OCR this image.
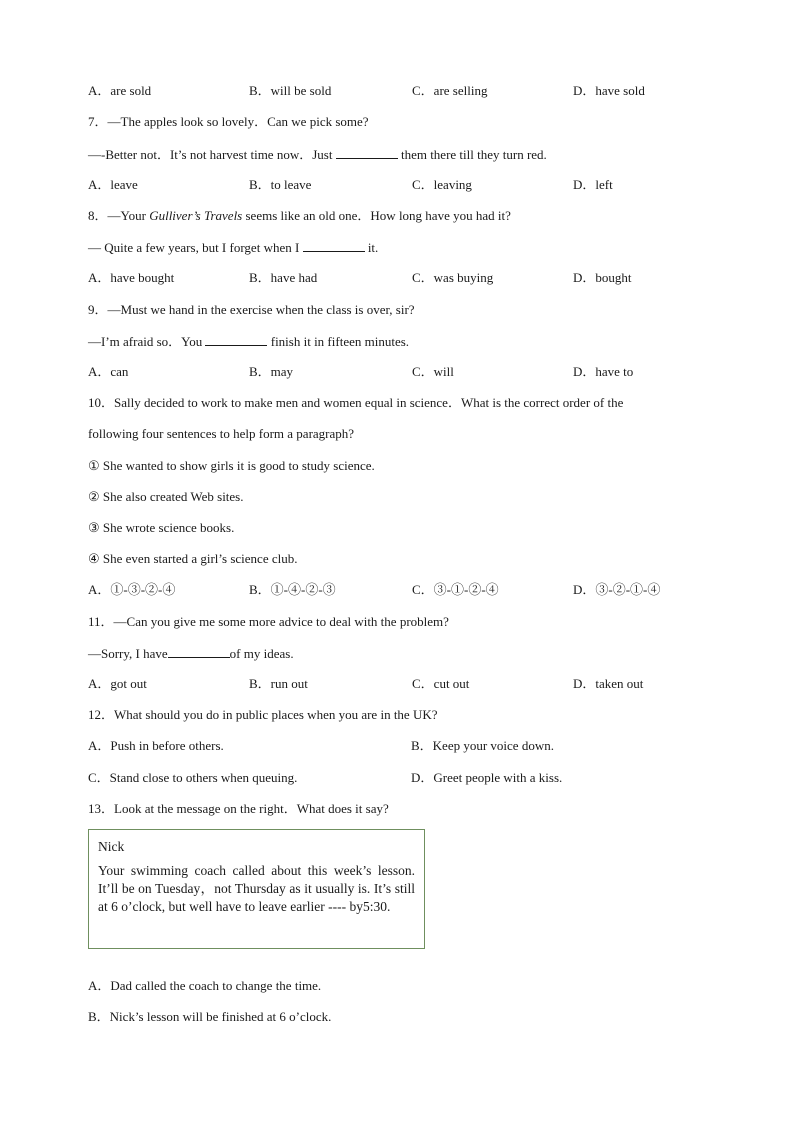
A．are sold	B．will be sold	C．are selling	D．have sold
7．—The apples look so lovely．Can we pick some?
—-Better not．It’s not harvest time now．Just	them there till they turn red.
A．leave	B．to leave	C．leaving	D．left
8．—Your Gulliver’s Travels seems like an old one．How long have you had it?
— Quite a few years, but I forget when I	it.
A．have bought	B．have had	C．was buying	D．bought
9．—Must we hand in the exercise when the class is over, sir?
—I’m afraid so．You	finish it in fifteen minutes.
A．can	B．may	C．will	D．have to
10．Sally decided to work to make men and women equal in science．What is the correct order of the
following four sentences to help form a paragraph?
① She wanted to show girls it is good to study science.
② She also created Web sites.
③ She wrote science books.
④ She even started a girl’s science club.
A．①-③-②-④	B．①-④-②-③	C．③-①-②-④	D．③-②-①-④
11．—Can you give me some more advice to deal with the problem?
—Sorry, I have	of my ideas.
A．got out	B．run out	C．cut out	D．taken out
12．What should you do in public places when you are in the UK?
A．Push in before others.	B．Keep your voice down.
C．Stand close to others when queuing.	D．Greet people with a kiss.
13．Look at the message on the right．What does it say?
Nick
Your swimming coach called about this week’s lesson. It’ll be on Tuesday，not Thursday as it usually is. It’s still at 6 o’clock, but well have to leave earlier ---- by5:30.
A．Dad called the coach to change the time.
B．Nick’s lesson will be finished at 6 o’clock.
